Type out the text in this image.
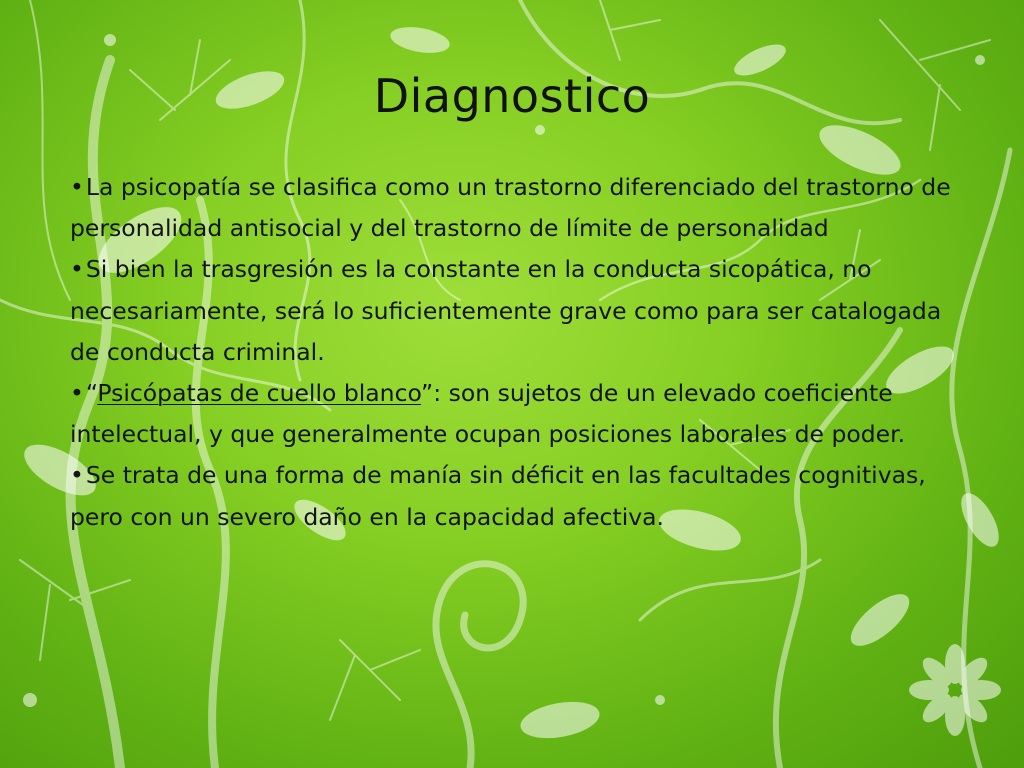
Diagnostico

•La psicopatía se clasifica como un trastorno diferenciado del trastorno de personalidad antisocial y del trastorno de límite de personalidad

•Si bien la trasgresión es la constante en la conducta sicopática, no necesariamente, será lo suficientemente grave como para ser catalogada de conducta criminal.

•“Psicópatas de cuello blanco”: son sujetos de un elevado coeficiente intelectual, y que generalmente ocupan posiciones laborales de poder.

•Se trata de una forma de manía sin déficit en las facultades cognitivas, pero con un severo daño en la capacidad afectiva.
